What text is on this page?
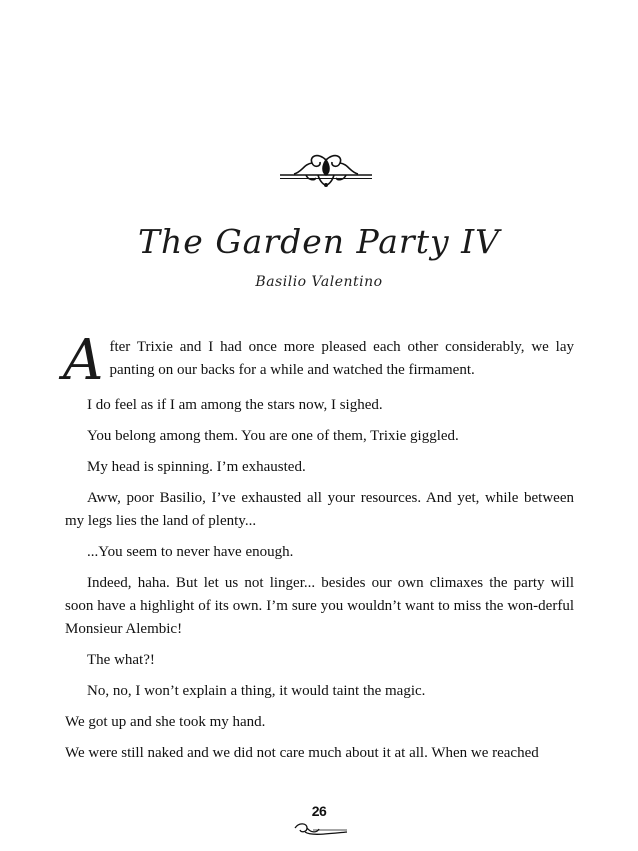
The Garden Party IV
Basilio Valentino

After Trixie and I had once more pleased each other considerably, we lay panting on our backs for a while and watched the firmament.

I do feel as if I am among the stars now, I sighed.

You belong among them. You are one of them, Trixie giggled.

My head is spinning. I’m exhausted.

Aww, poor Basilio, I’ve exhausted all your resources. And yet, while between my legs lies the land of plenty...

...You seem to never have enough.

Indeed, haha. But let us not linger... besides our own climaxes the party will soon have a highlight of its own. I’m sure you wouldn’t want to miss the won-derful Monsieur Alembic!

The what?!

No, no, I won’t explain a thing, it would taint the magic.

We got up and she took my hand.

We were still naked and we did not care much about it at all. When we reached

26
